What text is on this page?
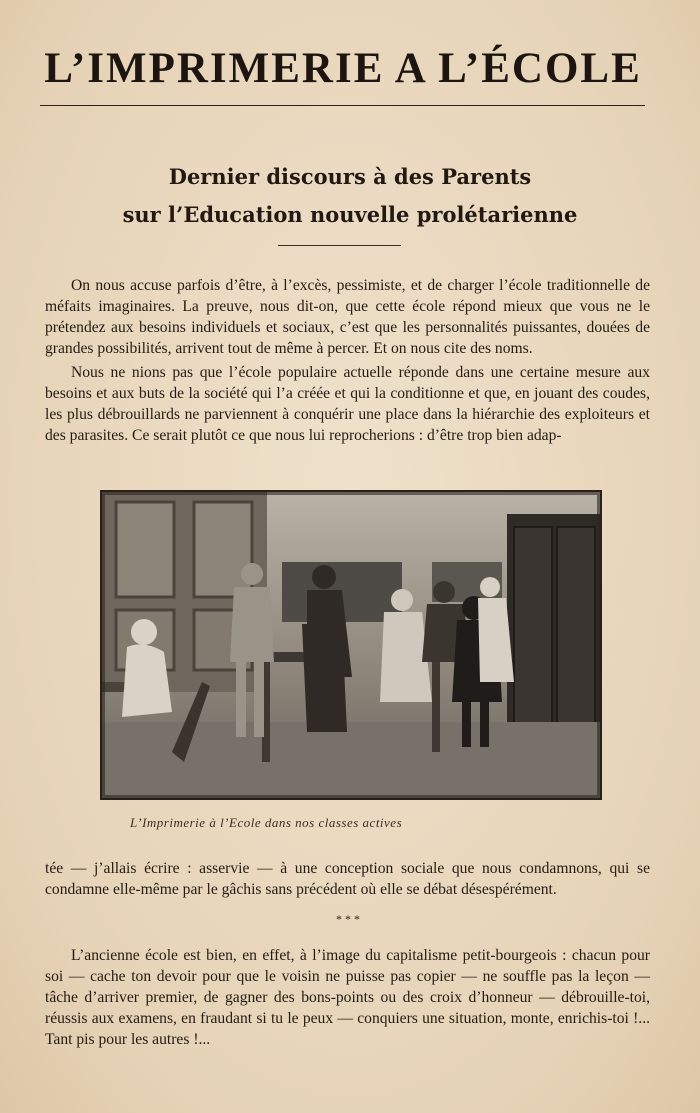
L’IMPRIMERIE A L’ÉCOLE
Dernier discours à des Parents
sur l’Education nouvelle prolétarienne

On nous accuse parfois d’être, à l’excès, pessimiste, et de charger l’école traditionnelle de méfaits imaginaires. La preuve, nous dit-on, que cette école répond mieux que vous ne le prétendez aux besoins individuels et sociaux, c’est que les personnalités puissantes, douées de grandes possibilités, arrivent tout de même à percer. Et on nous cite des noms.

Nous ne nions pas que l’école populaire actuelle réponde dans une certaine mesure aux besoins et aux buts de la société qui l’a créée et qui la conditionne et que, en jouant des coudes, les plus débrouillards ne parviennent à conquérir une place dans la hiérarchie des exploiteurs et des parasites. Ce serait plutôt ce que nous lui reprocherions : d’être trop bien adap-

L’Imprimerie à l’Ecole dans nos classes actives

tée — j’allais écrire : asservie — à une conception sociale que nous condamnons, qui se condamne elle-même par le gâchis sans précédent où elle se débat désespérément.

* * *

L’ancienne école est bien, en effet, à l’image du capitalisme petit-bourgeois : chacun pour soi — cache ton devoir pour que le voisin ne puisse pas copier — ne souffle pas la leçon — tâche d’arriver premier, de gagner des bons-points ou des croix d’honneur — débrouille-toi, réussis aux examens, en fraudant si tu le peux — conquiers une situation, monte, enrichis-toi !... Tant pis pour les autres !...
